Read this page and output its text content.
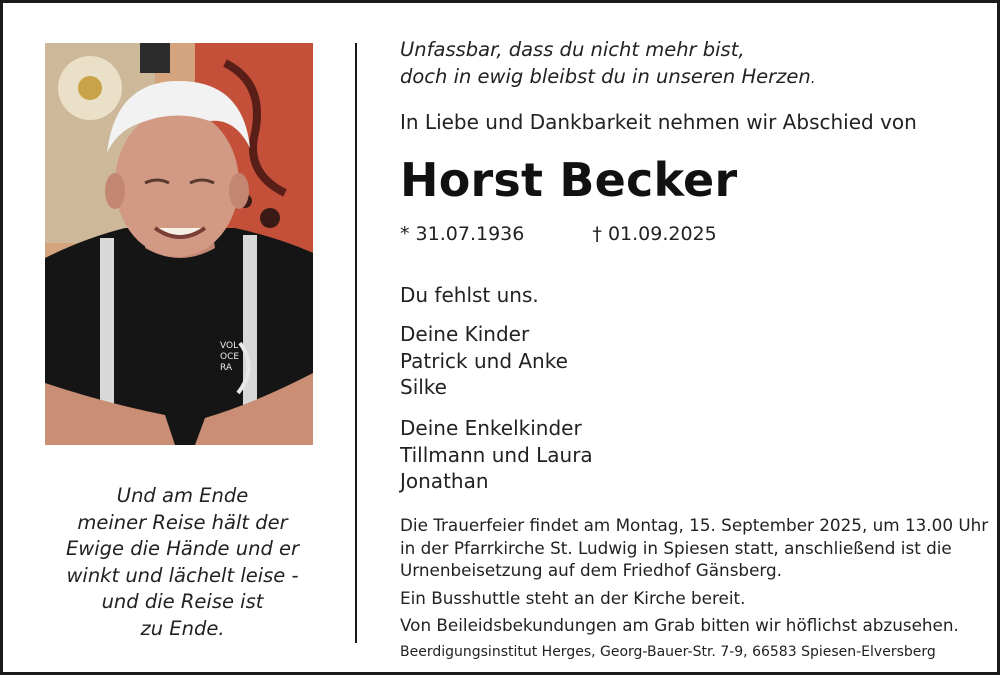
VOL
OCE
RA
Und am Ende
meiner Reise hält der
Ewige die Hände und er
winkt und lächelt leise -
und die Reise ist
zu Ende.
Unfassbar, dass du nicht mehr bist,
doch in ewig bleibst du in unseren Herzen.
In Liebe und Dankbarkeit nehmen wir Abschied von
Horst Becker
* 31.07.1936	† 01.09.2025
Du fehlst uns.
Deine Kinder
Patrick und Anke
Silke
Deine Enkelkinder
Tillmann und Laura
Jonathan

Die Trauerfeier findet am Montag, 15. September 2025, um 13.00 Uhr
in der Pfarrkirche St. Ludwig in Spiesen statt, anschließend ist die
Urnenbeisetzung auf dem Friedhof Gänsberg.

Ein Busshuttle steht an der Kirche bereit.

Von Beileidsbekundungen am Grab bitten wir höflichst abzusehen.

Beerdigungsinstitut Herges, Georg-Bauer-Str. 7-9, 66583 Spiesen-Elversberg
